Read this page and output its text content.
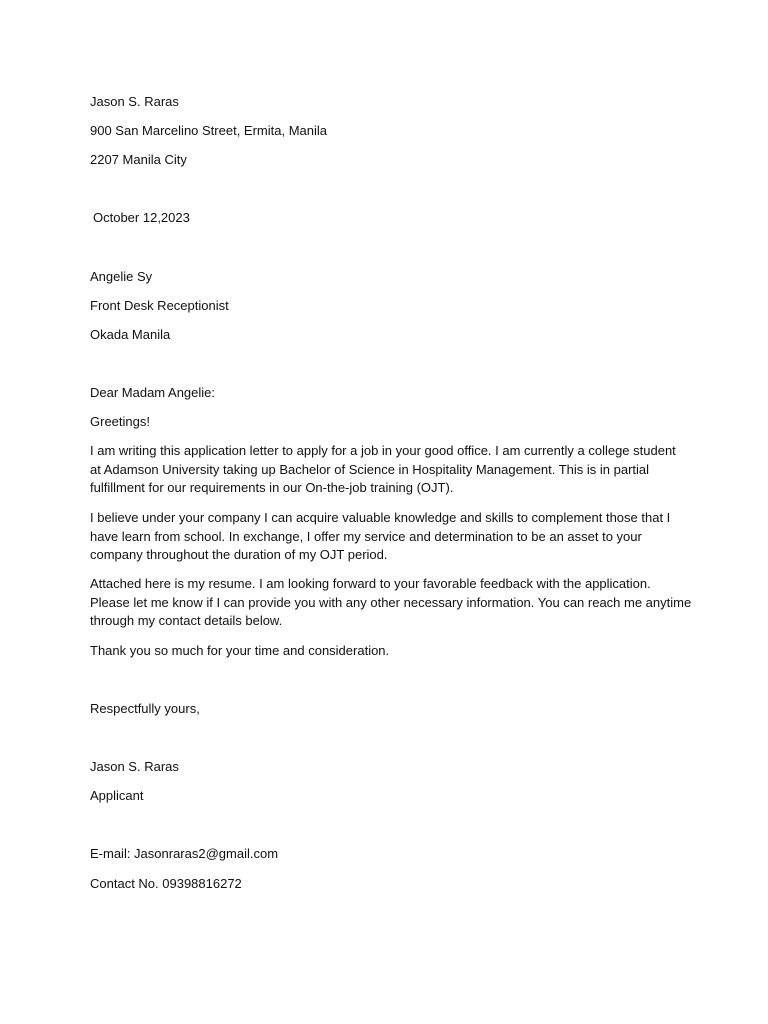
Jason S. Raras

900 San Marcelino Street, Ermita, Manila

2207 Manila City

October 12,2023

Angelie Sy

Front Desk Receptionist

Okada Manila

Dear Madam Angelie:

Greetings!

I am writing this application letter to apply for a job in your good office. I am currently a college student
at Adamson University taking up Bachelor of Science in Hospitality Management. This is in partial
fulfillment for our requirements in our On-the-job training (OJT).
I believe under your company I can acquire valuable knowledge and skills to complement those that I
have learn from school. In exchange, I offer my service and determination to be an asset to your
company throughout the duration of my OJT period.
Attached here is my resume. I am looking forward to your favorable feedback with the application.
Please let me know if I can provide you with any other necessary information. You can reach me anytime
through my contact details below.

Thank you so much for your time and consideration.

Respectfully yours,

Jason S. Raras

Applicant

E-mail: Jasonraras2@gmail.com

Contact No. 09398816272
